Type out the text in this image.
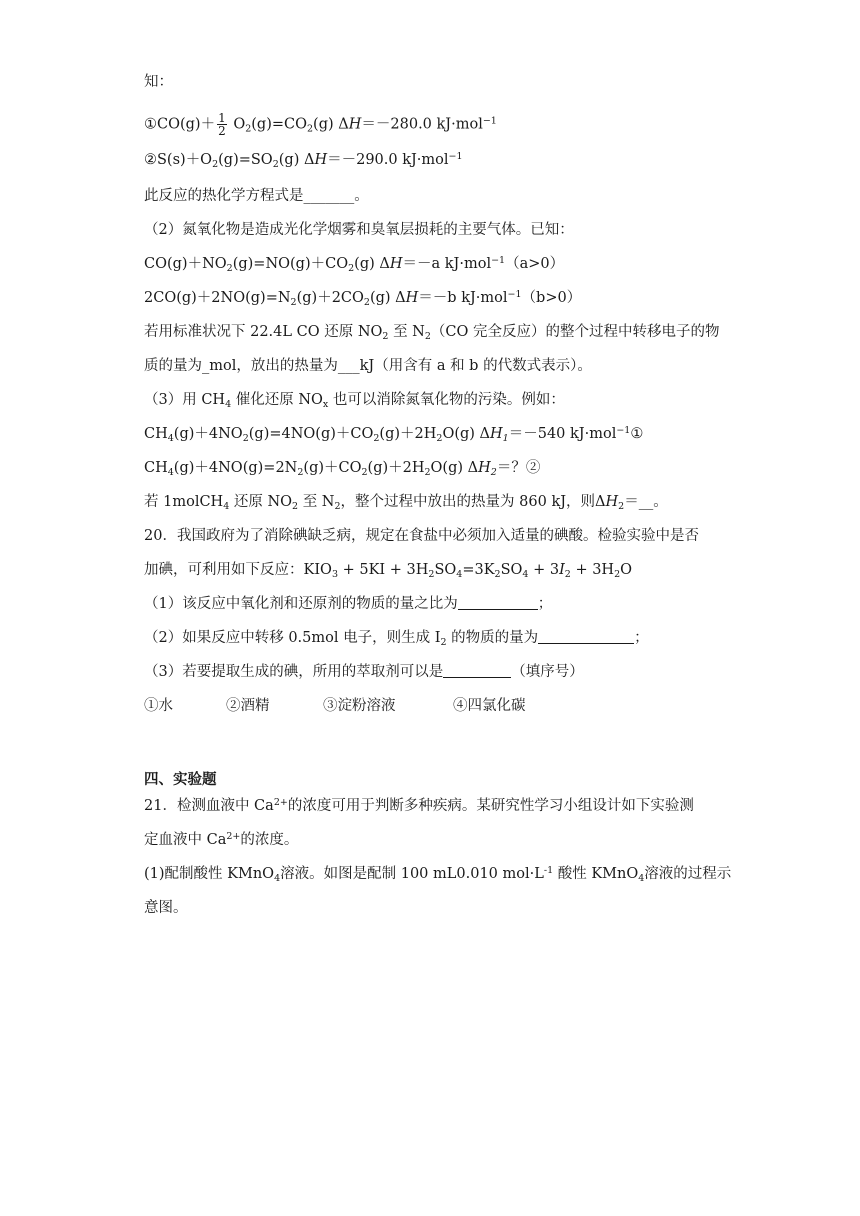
知：
①CO(g)＋ $\frac{1}{2} O_2(g)=CO_2(g)$ ΔH＝－280.0 kJ·mol$^{-1}$
$②S(s)+O_2(g)=SO_2(g)$ ΔH＝－290.0 kJ·mol$^{-1}$
此反应的热化学方程式是_______。
（2）氮氧化物是造成光化学烟雾和臭氧层损耗的主要气体。已知：
$CO(g)+NO_2(g)=NO(g)+CO_2(g)$ ΔH＝－a kJ·mol$^{-1}$（a>0）
$2CO(g)+2NO(g)=N_2(g)+2CO_2(g)$ ΔH＝－b kJ·mol$^{-1}$（b>0）
若用标准状况下 22.4L CO 还原 $NO_2$ 至 $N_2(CO$ 完全反应）的整个过程中转移电子的物
质的量为_mol，放出的热量为___kJ（用含有 a 和 b 的代数式表示）。
（3）用 $CH_4$ 催化还原 $NO_x$ 也可以消除氮氧化物的污染。例如：
$CH_4(g)+4NO_2(g)=4NO(g)+CO_2(g)+2H_2O(g)$ $\Delta H_1=-540$ kJ·mol$^{-1}$①
$CH_4(g)+4NO(g)=2N_2(g)+CO_2(g)+2H_2O(g)$ $\Delta H_2=$？②
若 1molCH$_4$ 还原 $NO_2$ 至 $N_2$，整个过程中放出的热量为 860 kJ，则$\Delta H_2=\_\_$。
20．我国政府为了消除碘缺乏病，规定在食盐中必须加入适量的碘酸。检验实验中是否
加碘，可利用如下反应：$KIO_3 + 5KI + 3H_2SO_4=3K_2SO_4 + 3I_2 + 3H_2O$
（1）该反应中氧化剂和还原剂的物质的量之比为	；
（2）如果反应中转移 0.5mol 电子，则生成 $I_2$ 的物质的量为	；
（3）若要提取生成的碘，所用的萃取剂可以是	（填序号）
①水	②酒精	③淀粉溶液	④四氯化碳
四、实验题
21．检测血液中 $Ca^{2+}$的浓度可用于判断多种疾病。某研究性学习小组设计如下实验测
定血液中 $Ca^{2+}$的浓度。
(1)配制酸性 KMnO$_4$溶液。如图是配制 100 mL0.010 $mol\cdot L^{-1}$ 酸性 KMnO$_4$溶液的过程示
意图。
